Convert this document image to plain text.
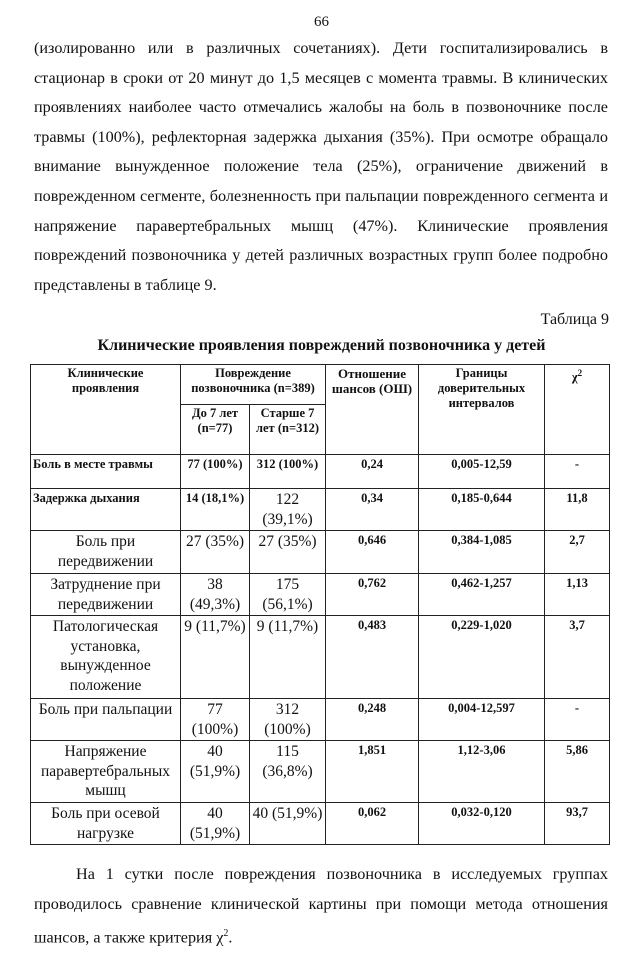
66

(изолированно или в различных сочетаниях). Дети госпитализировались в стационар в сроки от 20 минут до 1,5 месяцев с момента травмы. В клинических проявлениях наиболее часто отмечались жалобы на боль в позвоночнике после травмы (100%), рефлекторная задержка дыхания (35%). При осмотре обращало внимание вынужденное положение тела (25%), ограничение движений в поврежденном сегменте, болезненность при пальпации поврежденного сегмента и напряжение паравертебральных мышц (47%). Клинические проявления повреждений позвоночника у детей различных возрастных групп более подробно представлены в таблице 9.

Таблица 9
Клинические проявления повреждений позвоночника у детей
Клинические проявления	Повреждение позвоночника (n=389)		Отношение шансов (ОШ)	Границы доверительных интервалов	$\chi^2$
	До 7 лет (n=77)	Старше 7 лет (n=312)			
Боль в месте травмы	77 (100%)	312 (100%)	0,24	0,005-12,59	-
Задержка дыхания	14 (18,1%)	122 (39,1%)	0,34	0,185-0,644	11,8
Боль при передвижении	27 (35%)	27 (35%)	0,646	0,384-1,085	2,7
Затруднение при передвижении	38 (49,3%)	175 (56,1%)	0,762	0,462-1,257	1,13
Патологическая установка, вынужденное положение	9 (11,7%)	9 (11,7%)	0,483	0,229-1,020	3,7
Боль при пальпации	77 (100%)	312 (100%)	0,248	0,004-12,597	-
Напряжение паравертебральных мышц	40 (51,9%)	115 (36,8%)	1,851	1,12-3,06	5,86
Боль при осевой нагрузке	40 (51,9%)	40 (51,9%)	0,062	0,032-0,120	93,7

На 1 сутки после повреждения позвоночника в исследуемых группах проводилось сравнение клинической картины при помощи метода отношения шансов, а также критерия $\chi^2$.
